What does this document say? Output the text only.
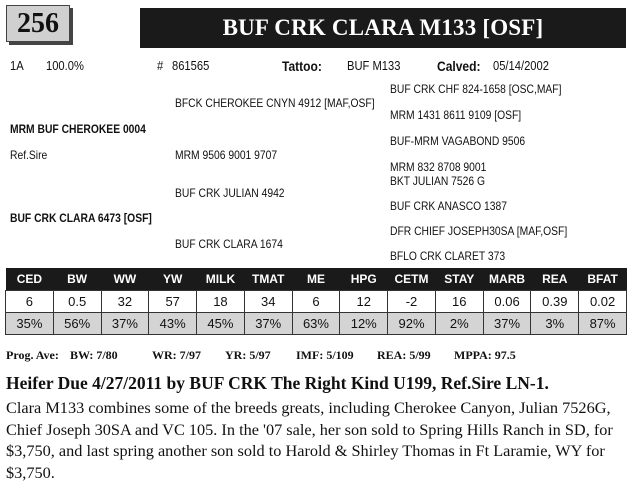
256	BUF CRK CLARA M133 [OSF]
1A 100.0%	# 861565	Tattoo: BUF M133	Calved: 05/14/2002
BUF CRK CHF 824-1658 [OSC,MAF]
BFCK CHEROKEE CNYN 4912 [MAF,OSF]
MRM 1431 8611 9109 [OSF]
MRM BUF CHEROKEE 0004
BUF-MRM VAGABOND 9506
Ref.Sire	MRM 9506 9001 9707
MRM 832 8708 9001
BKT JULIAN 7526 G
BUF CRK JULIAN 4942
BUF CRK ANASCO 1387
BUF CRK CLARA 6473 [OSF]
DFR CHIEF JOSEPH30SA [MAF,OSF]
BUF CRK CLARA 1674
BFLO CRK CLARET 373
CED	BW	WW	YW	MILK	TMAT	ME	HPG	CETM	STAY	MARB	REA	BFAT
6	0.5	32	57	18	34	6	12	-2	16	0.06	0.39	0.02
35%	56%	37%	43%	45%	37%	63%	12%	92%	2%	37%	3%	87%
Prog. Ave: BW: 7/80	WR: 7/97 YR: 5/97 IMF: 5/109 REA: 5/99 MPPA: 97.5
Heifer Due 4/27/2011 by BUF CRK The Right Kind U199, Ref.Sire LN-1.
Clara M133 combines some of the breeds greats, including Cherokee Canyon, Julian 7526G, Chief Joseph 30SA and VC 105. In the '07 sale, her son sold to Spring Hills Ranch in SD, for $3,750, and last spring another son sold to Harold & Shirley Thomas in Ft Laramie, WY for $3,750.
